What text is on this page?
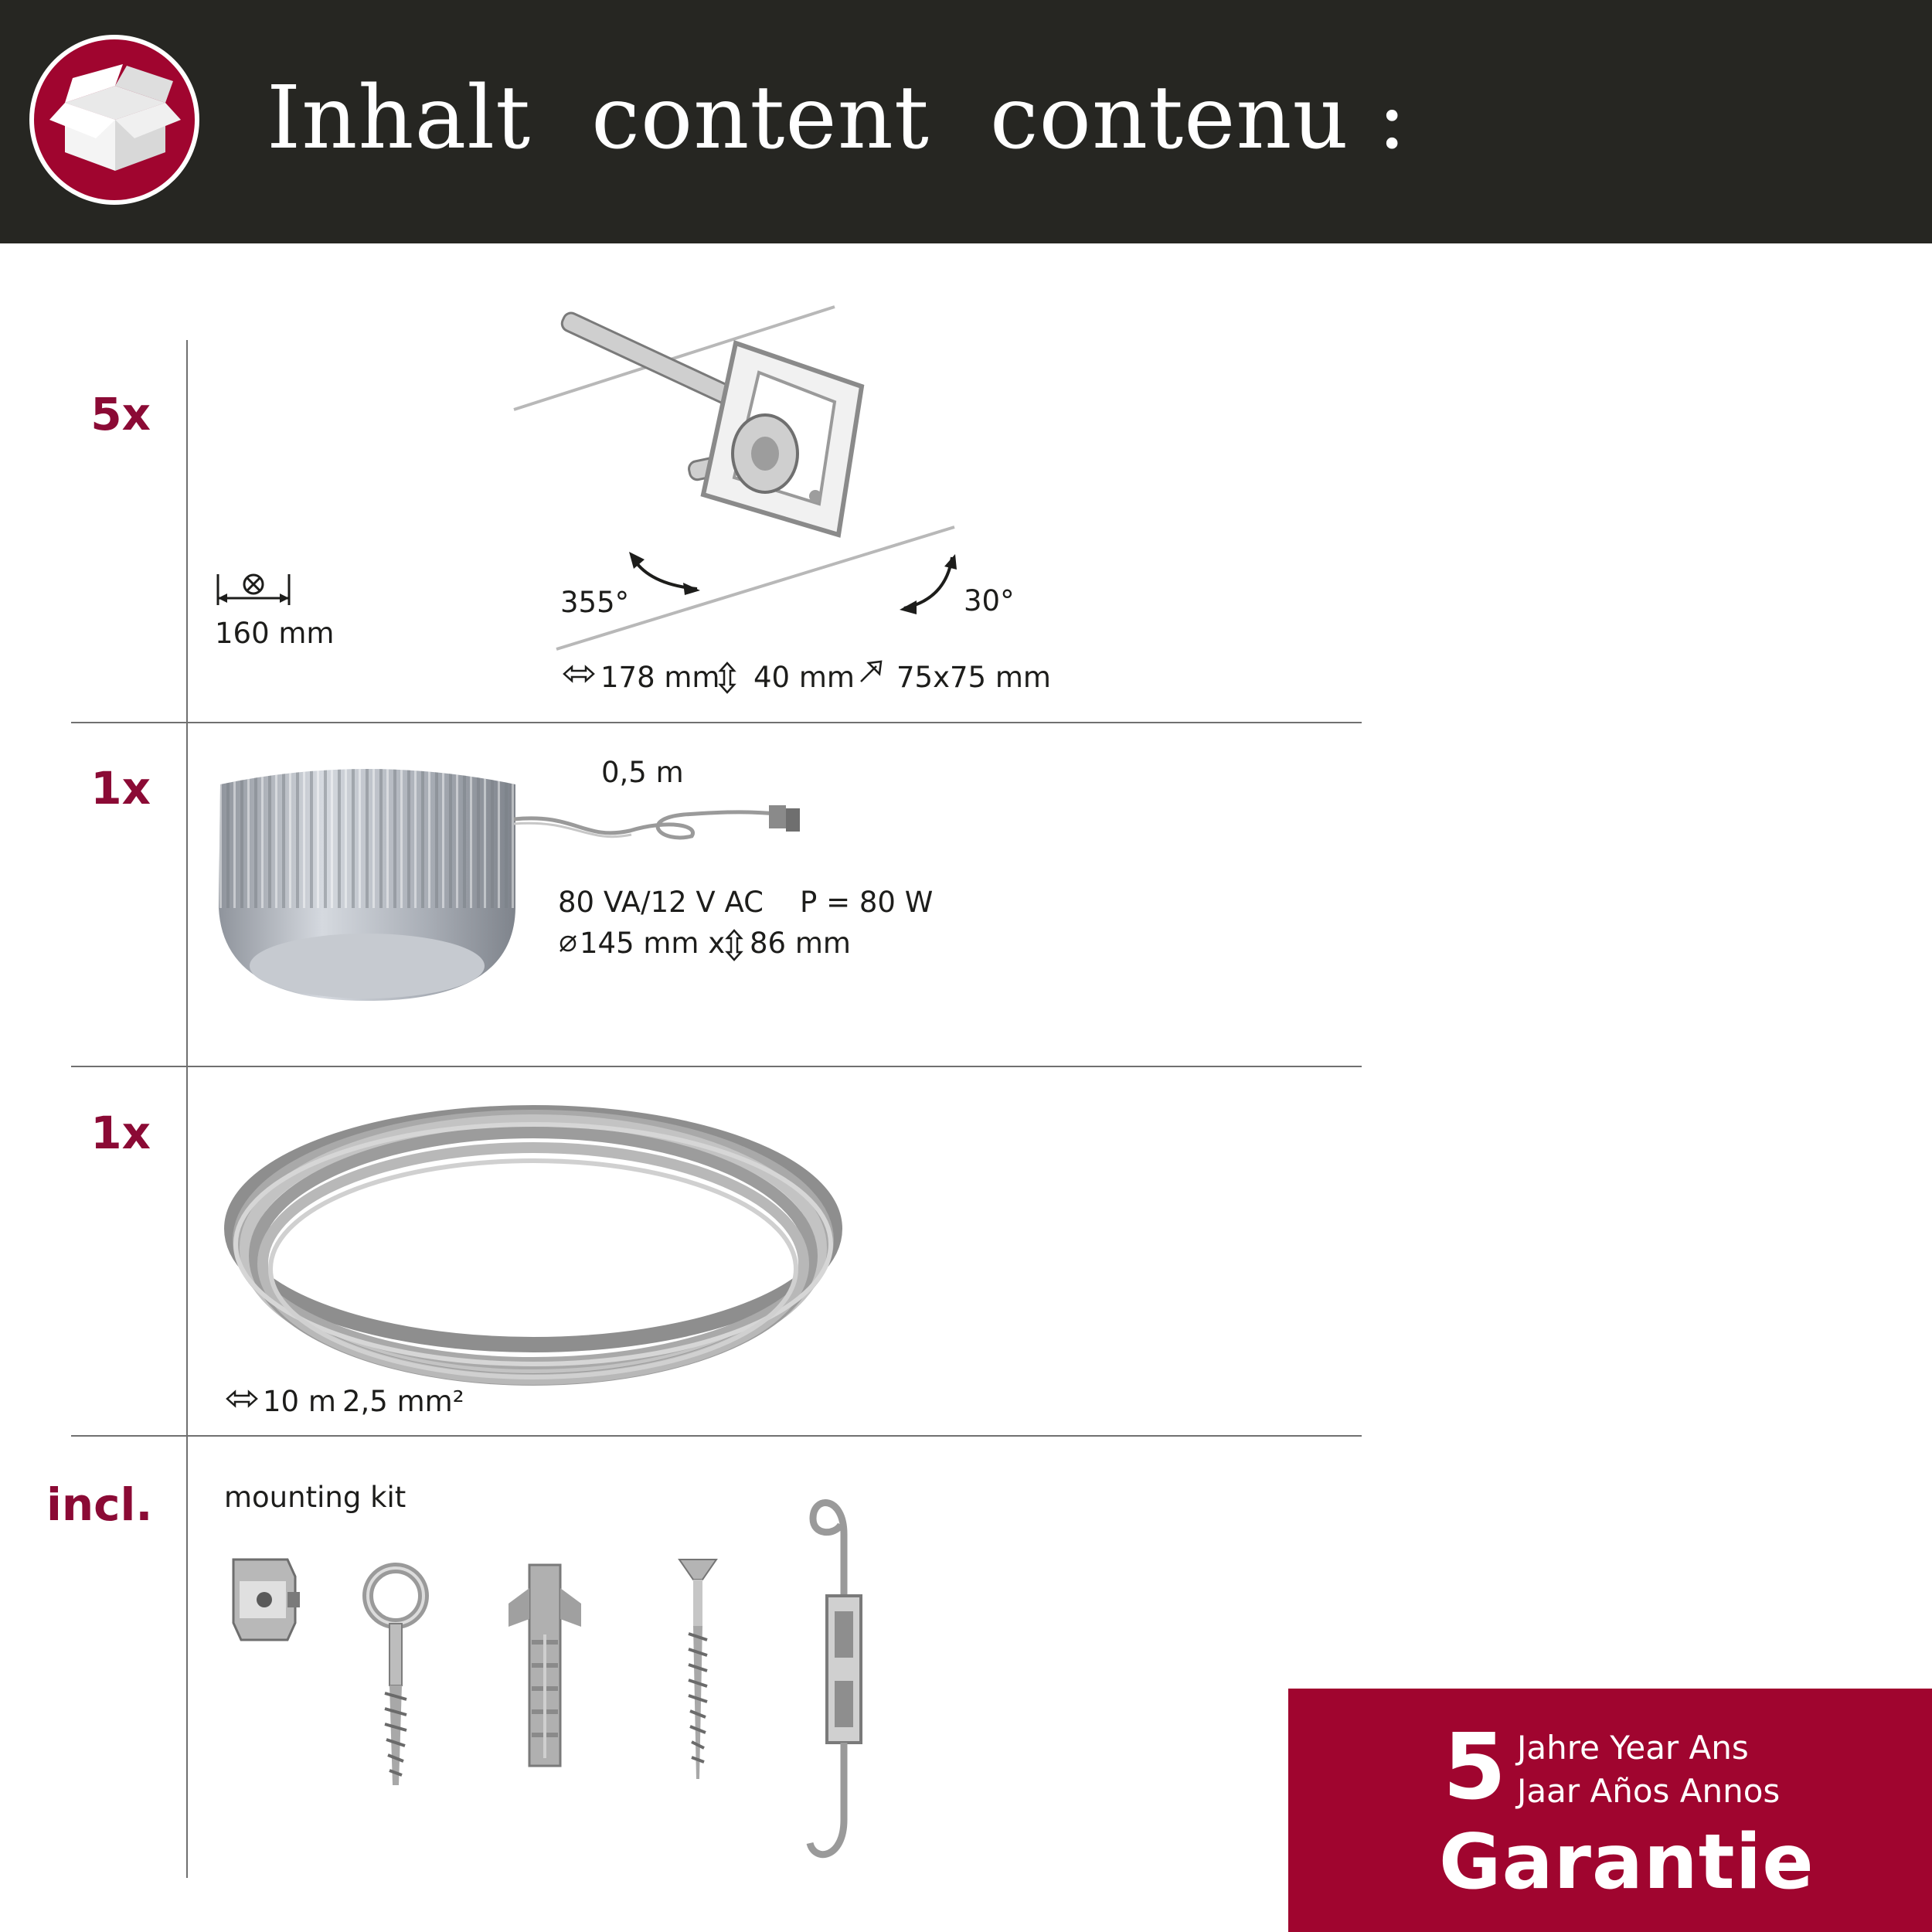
Inhalt content contenu :
5x
160 mm
355°	30°
178 mm 40 mm 75x75 mm
1x	0,5 m
80 VA/12 V AC    P = 80 W
145 mm x 86 mm
1x
10 m 2,5 mm²
incl.	mounting kit
5 Jahre Year Ans
Jaar Años Annos
Garantie
